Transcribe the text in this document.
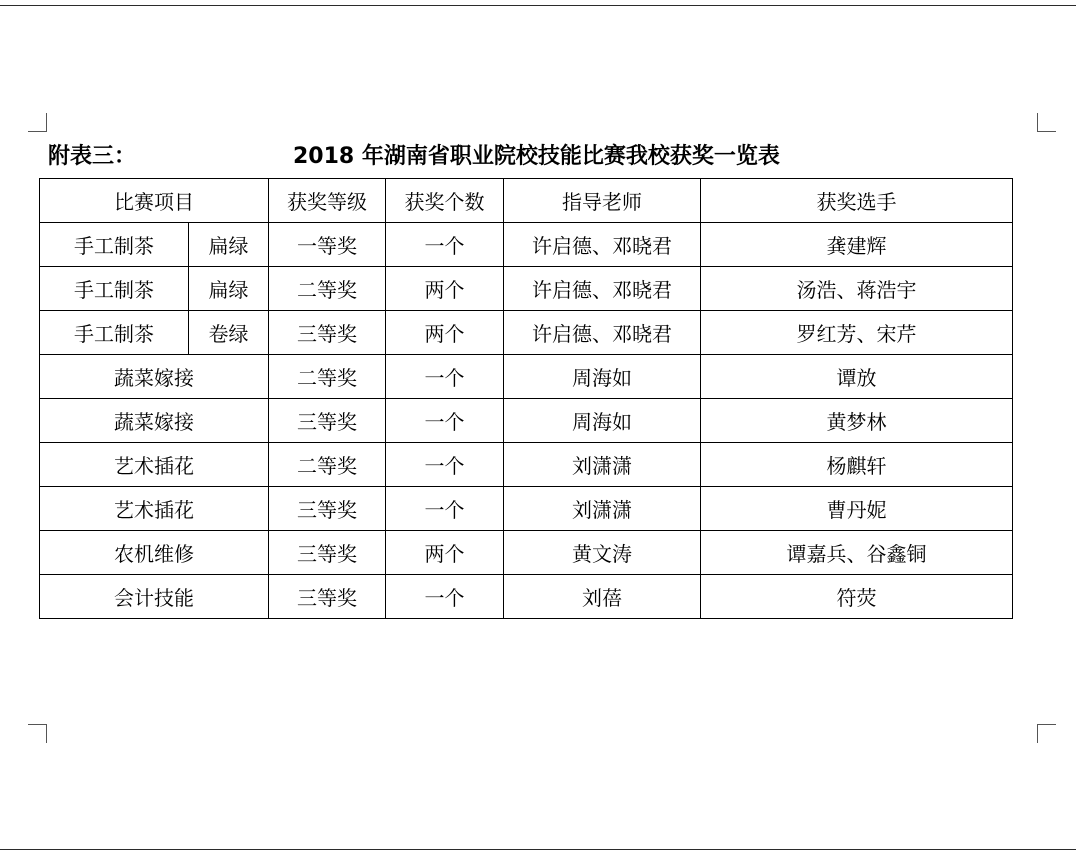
附表三：	2018 年湖南省职业院校技能比赛我校获奖一览表
比赛项目		获奖等级	获奖个数	指导老师	获奖选手
手工制茶	扁绿	一等奖	一个	许启德、邓晓君	龚建辉
手工制茶	扁绿	二等奖	两个	许启德、邓晓君	汤浩、蒋浩宇
手工制茶	卷绿	三等奖	两个	许启德、邓晓君	罗红芳、宋芹
蔬菜嫁接		二等奖	一个	周海如	谭放
蔬菜嫁接		三等奖	一个	周海如	黄梦林
艺术插花		二等奖	一个	刘潇潇	杨麒轩
艺术插花		三等奖	一个	刘潇潇	曹丹妮
农机维修		三等奖	两个	黄文涛	谭嘉兵、谷鑫铜
会计技能		三等奖	一个	刘蓓	符荧
